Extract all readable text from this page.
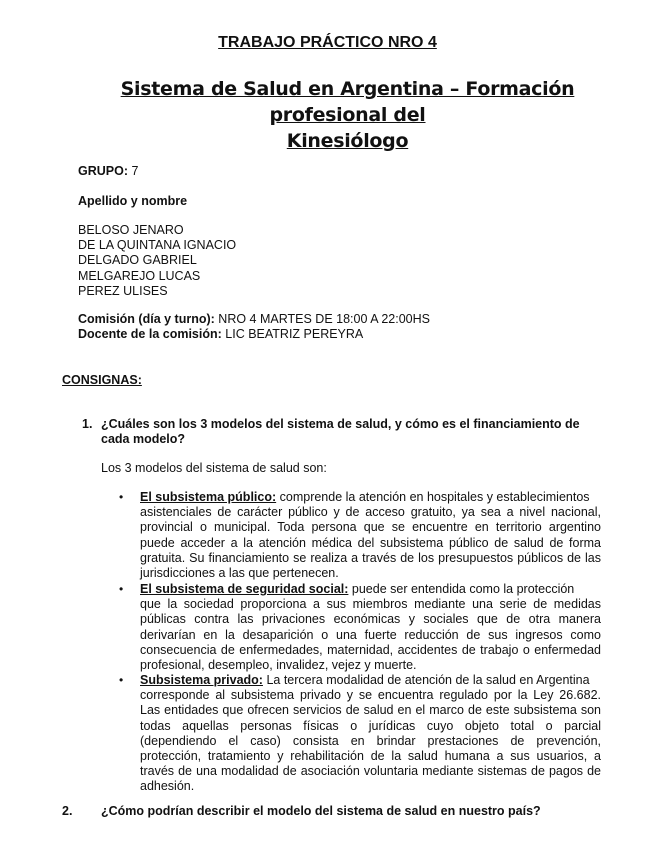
TRABAJO PRÁCTICO NRO 4
Sistema de Salud en Argentina – Formación profesional del
Kinesiólogo
GRUPO: 7
Apellido y nombre
BELOSO JENARO
DE LA QUINTANA IGNACIO
DELGADO GABRIEL
MELGAREJO LUCAS
PEREZ ULISES
Comisión (día y turno): NRO 4 MARTES DE 18:00 A 22:00HS
Docente de la comisión: LIC BEATRIZ PEREYRA
CONSIGNAS:
1. ¿Cuáles son los 3 modelos del sistema de salud, y cómo es el financiamiento de
cada modelo?
Los 3 modelos del sistema de salud son:
• El subsistema público: comprende la atención en hospitales y establecimientos
asistenciales de carácter público y de acceso gratuito, ya sea a nivel nacional,
provincial o municipal. Toda persona que se encuentre en territorio argentino
puede acceder a la atención médica del subsistema público de salud de forma
gratuita. Su financiamiento se realiza a través de los presupuestos públicos de las
jurisdicciones a las que pertenecen.
• El subsistema de seguridad social: puede ser entendida como la protección
que la sociedad proporciona a sus miembros mediante una serie de medidas
públicas contra las privaciones económicas y sociales que de otra manera
derivarían en la desaparición o una fuerte reducción de sus ingresos como
consecuencia de enfermedades, maternidad, accidentes de trabajo o enfermedad
profesional, desempleo, invalidez, vejez y muerte.
• Subsistema privado: La tercera modalidad de atención de la salud en Argentina
corresponde al subsistema privado y se encuentra regulado por la Ley 26.682.
Las entidades que ofrecen servicios de salud en el marco de este subsistema son
todas aquellas personas físicas o jurídicas cuyo objeto total o parcial
(dependiendo el caso) consista en brindar prestaciones de prevención,
protección, tratamiento y rehabilitación de la salud humana a sus usuarios, a
través de una modalidad de asociación voluntaria mediante sistemas de pagos de
adhesión.
2. ¿Cómo podrían describir el modelo del sistema de salud en nuestro país?
